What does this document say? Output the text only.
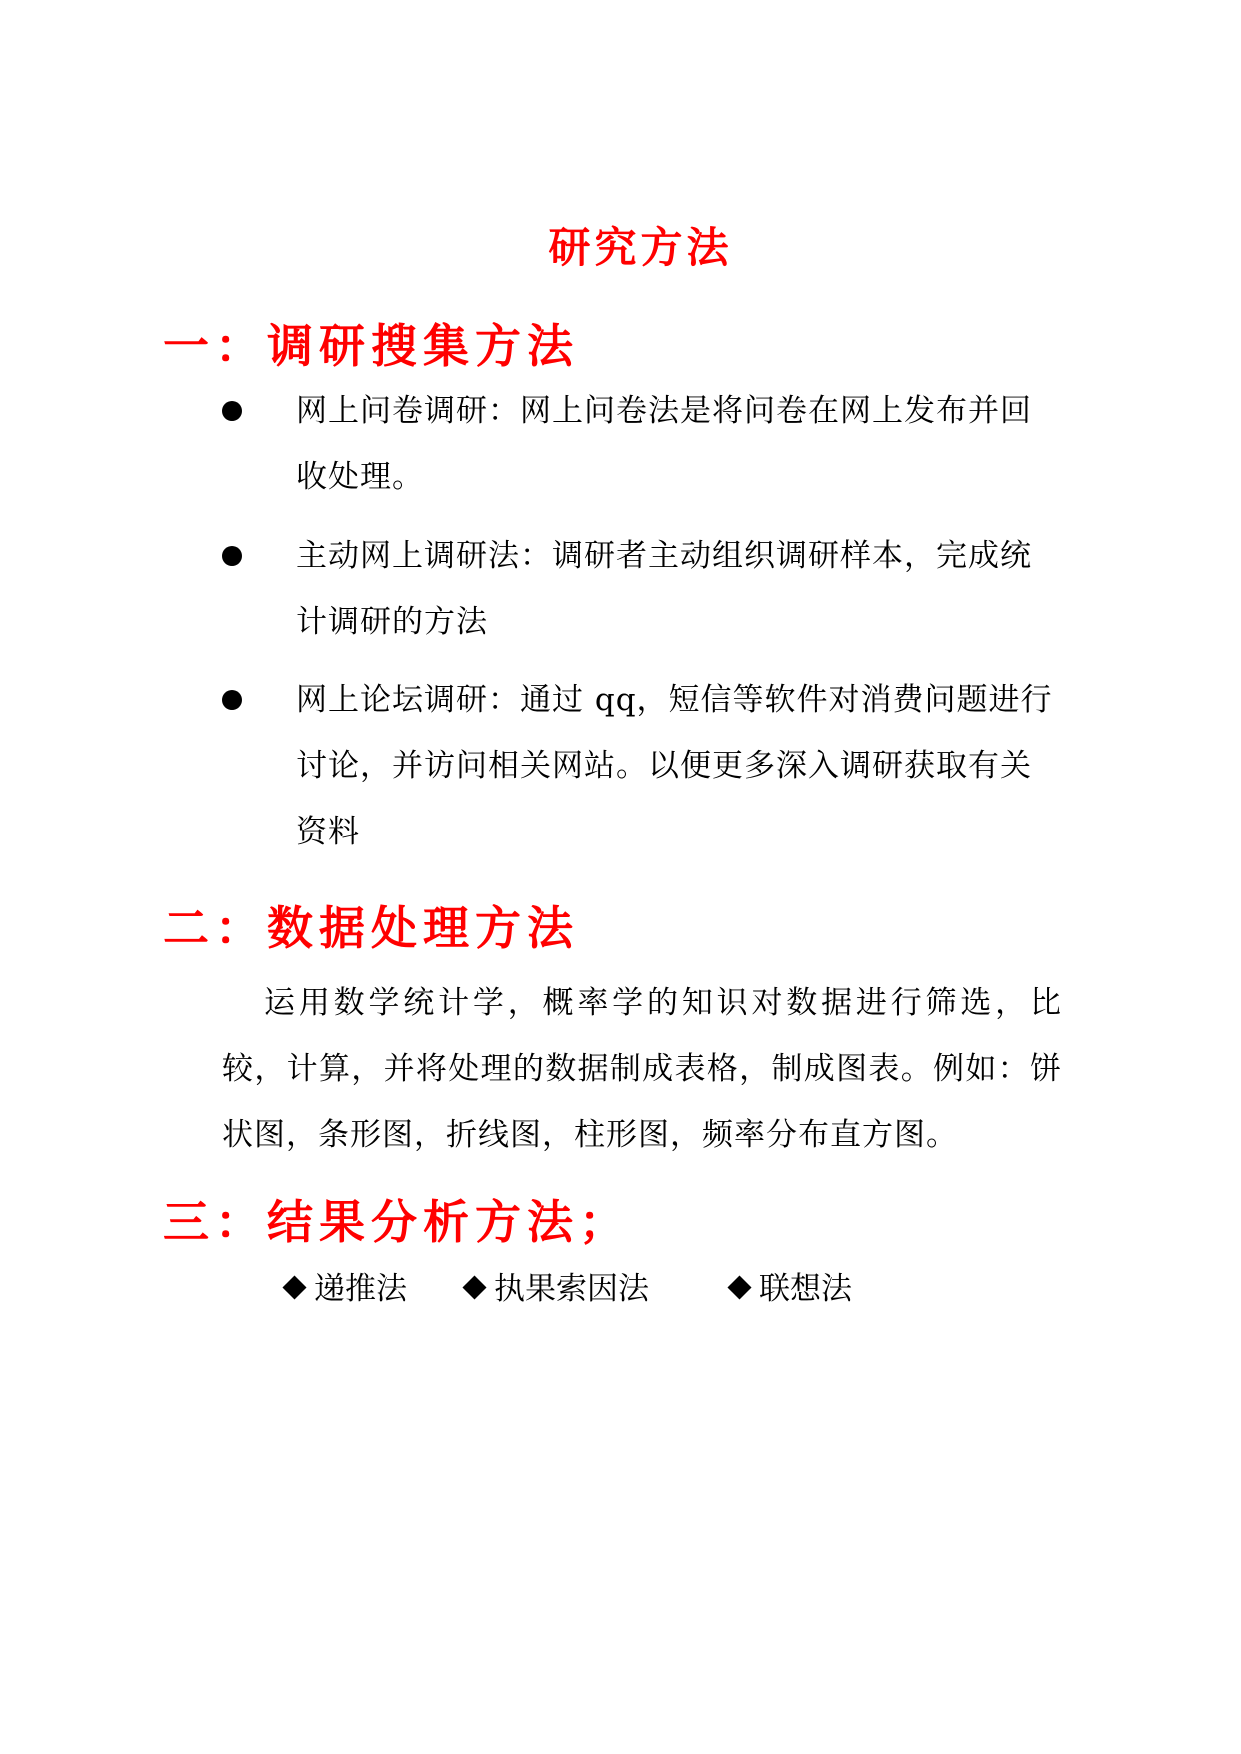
研究方法
一：调研搜集方法
网上问卷调研：网上问卷法是将问卷在网上发布并回收处理。
主动网上调研法：调研者主动组织调研样本，完成统计调研的方法
网上论坛调研：通过 qq，短信等软件对消费问题进行讨论，并访问相关网站。以便更多深入调研获取有关资料
二：数据处理方法
运用数学统计学，概率学的知识对数据进行筛选，比较，计算，并将处理的数据制成表格，制成图表。例如：饼状图，条形图，折线图，柱形图，频率分布直方图。
三：结果分析方法；
递推法	执果索因法	联想法
